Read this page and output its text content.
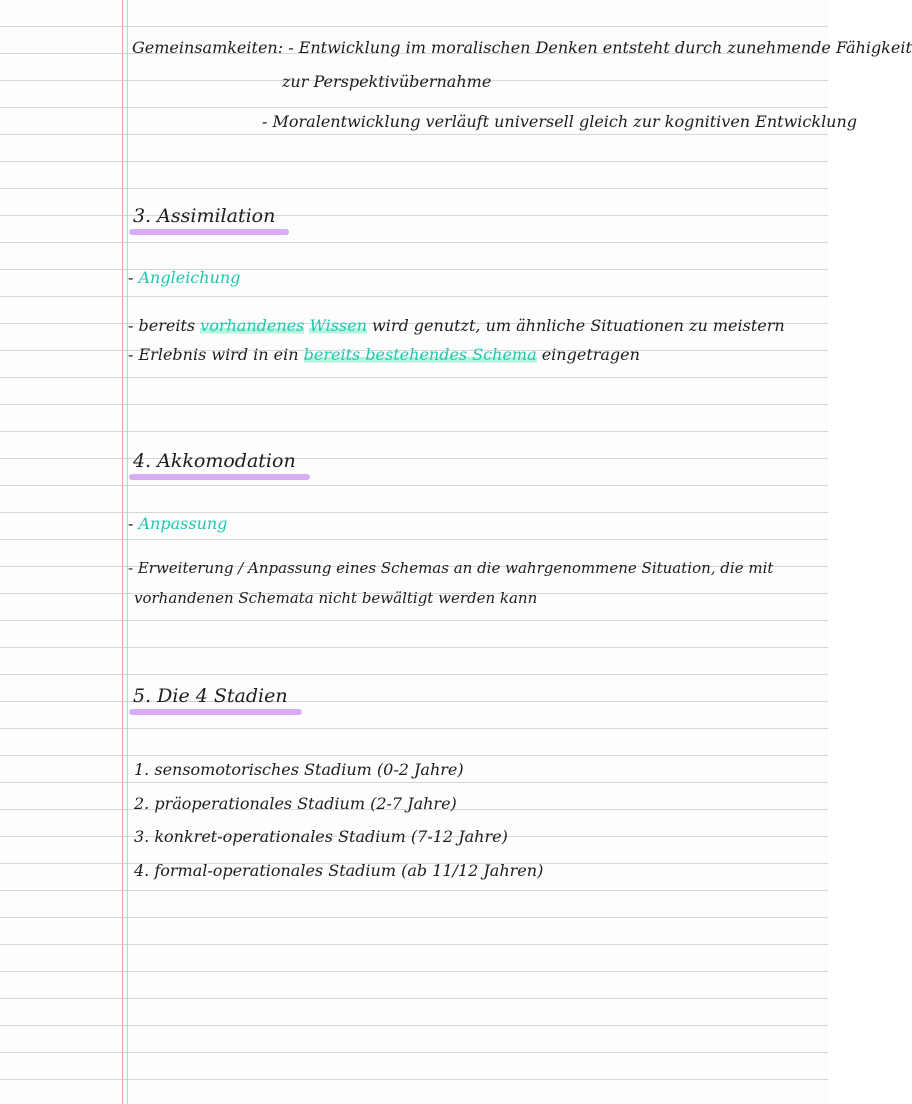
Gemeinsamkeiten: - Entwicklung im moralischen Denken entsteht durch zunehmende Fähigkeit
zur Perspektivübernahme
- Moralentwicklung verläuft universell gleich zur kognitiven Entwicklung
3. Assimilation
- Angleichung
- bereits vorhandenes Wissen wird genutzt, um ähnliche Situationen zu meistern
- Erlebnis wird in ein bereits bestehendes Schema eingetragen
4. Akkomodation
- Anpassung
- Erweiterung / Anpassung eines Schemas an die wahrgenommene Situation, die mit
vorhandenen Schemata nicht bewältigt werden kann
5. Die 4 Stadien
1. sensomotorisches Stadium (0-2 Jahre)
2. präoperationales Stadium (2-7 Jahre)
3. konkret-operationales Stadium (7-12 Jahre)
4. formal-operationales Stadium (ab 11/12 Jahren)
